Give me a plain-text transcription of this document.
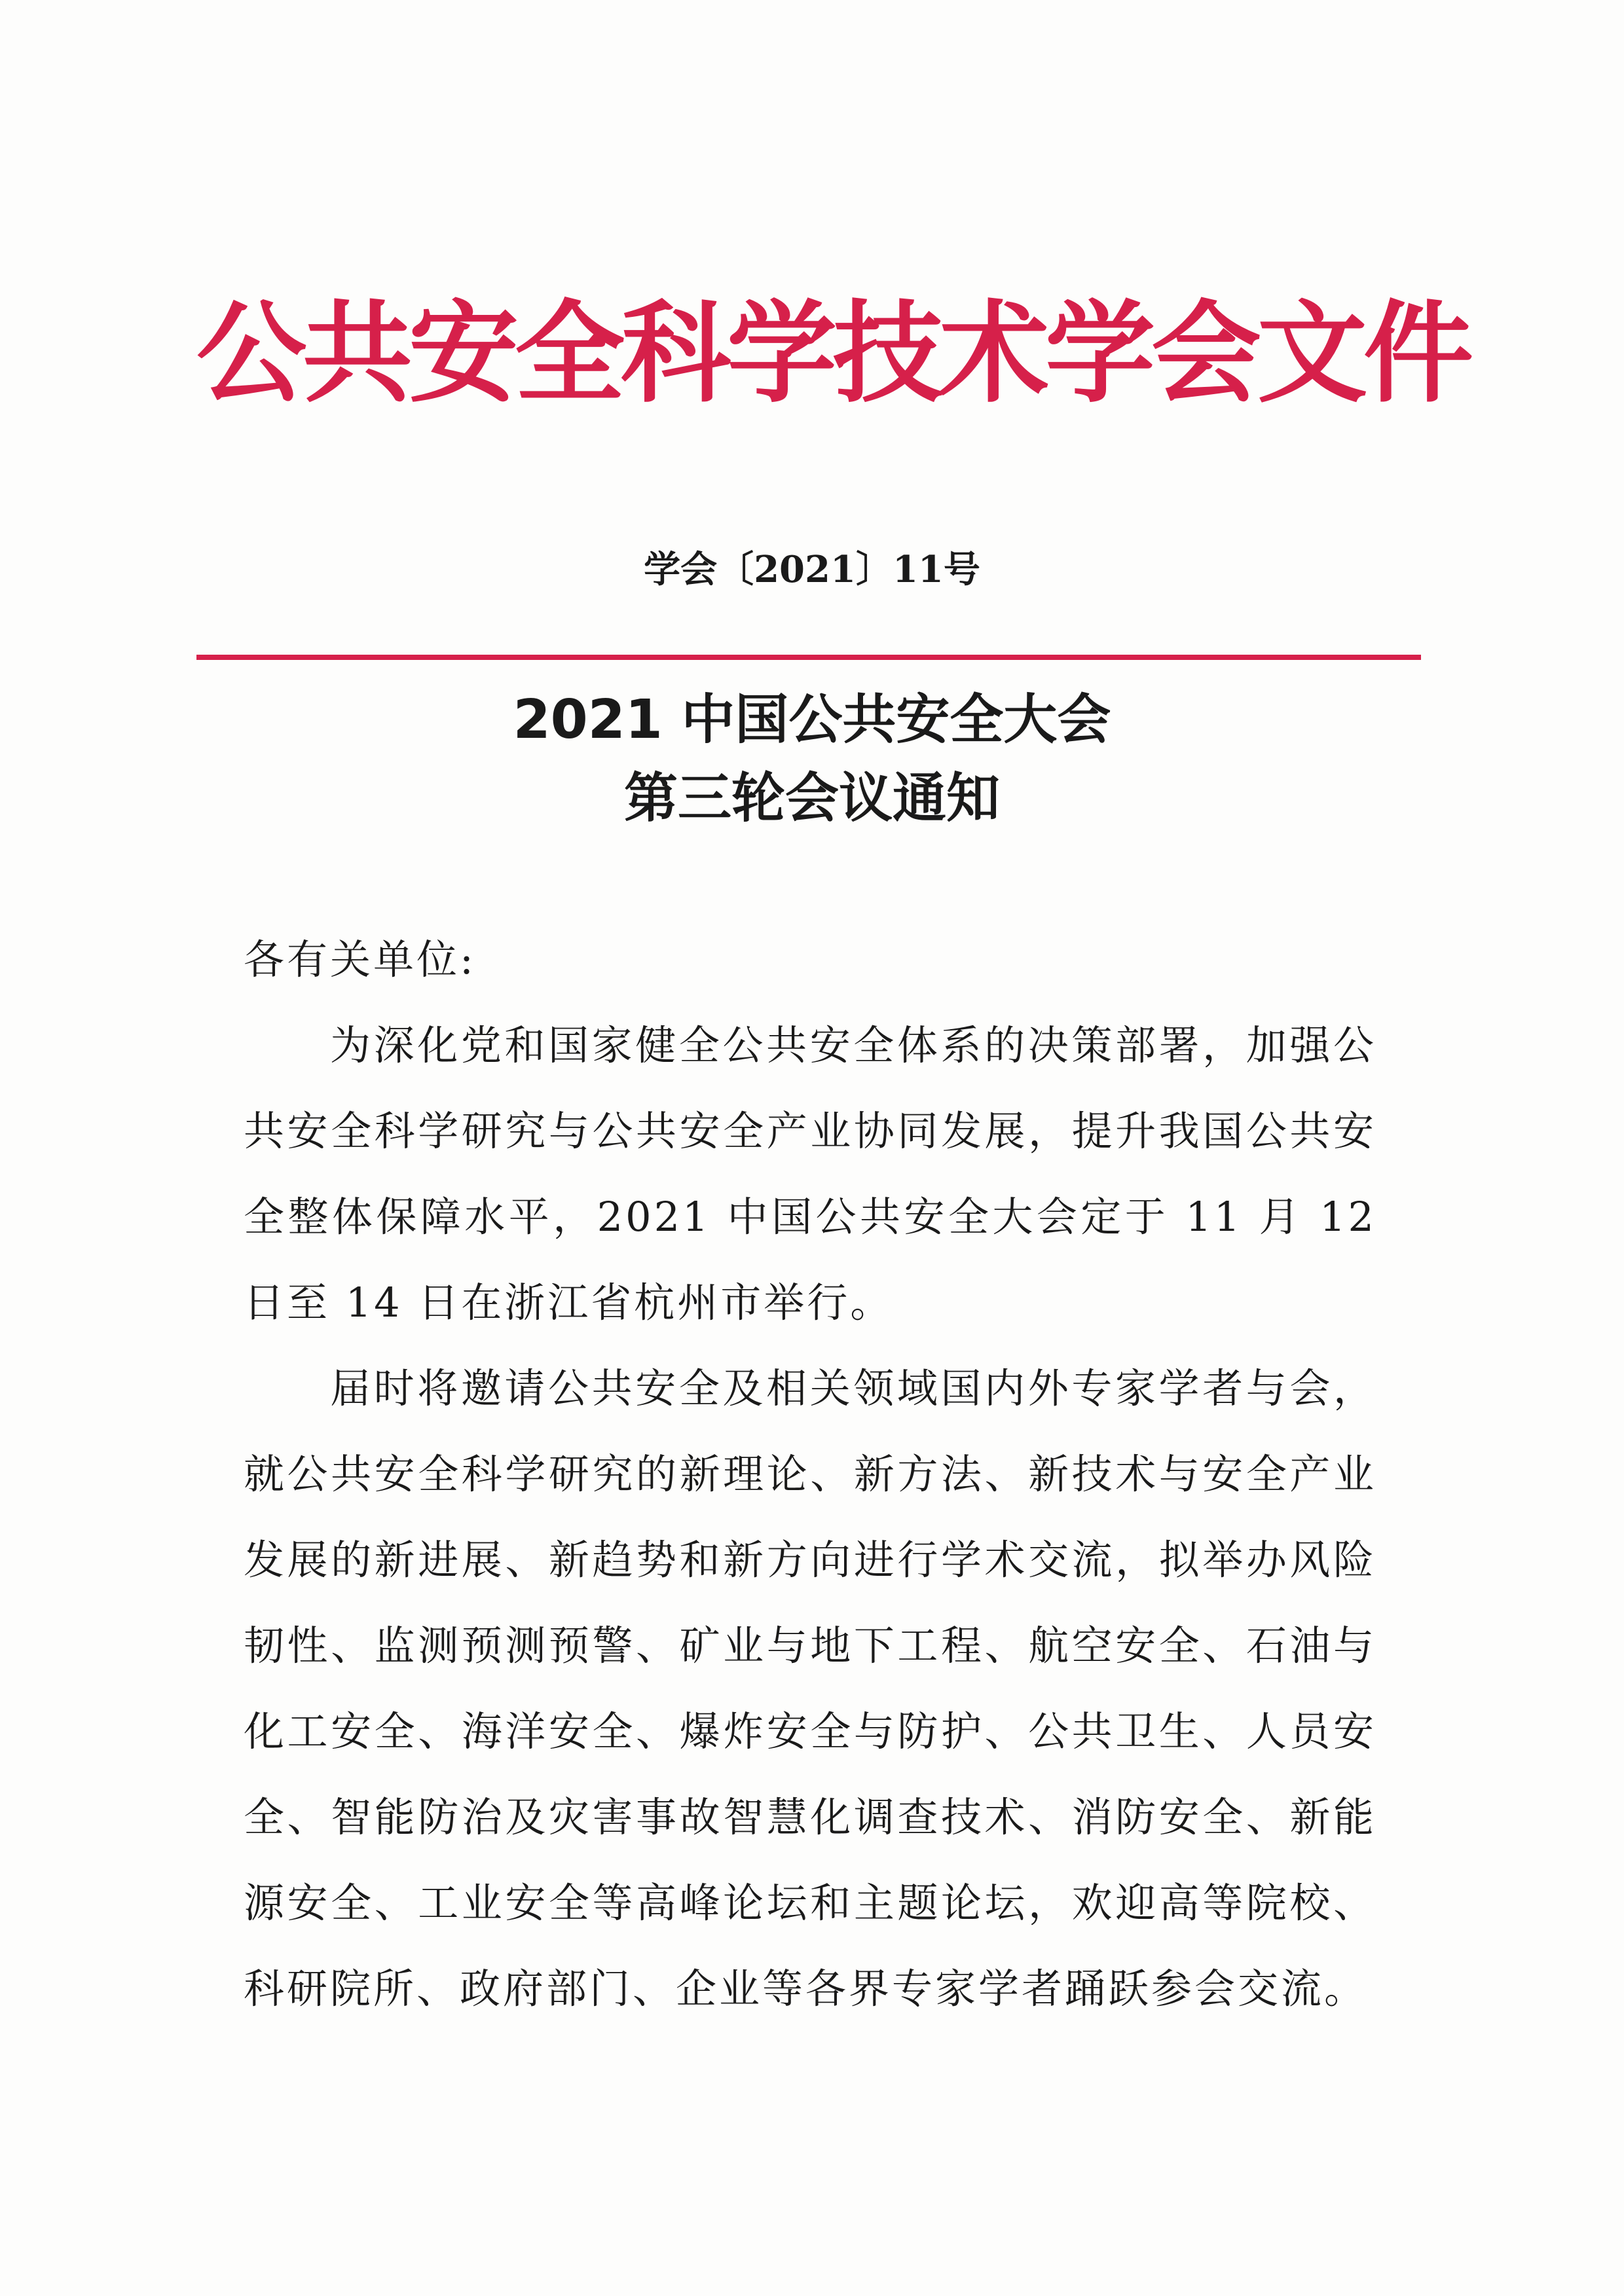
公共安全科学技术学会文件
学会〔2021〕11号
2021 中国公共安全大会
第三轮会议通知

各有关单位:

为深化党和国家健全公共安全体系的决策部署，加强公共安全科学研究与公共安全产业协同发展，提升我国公共安全整体保障水平，2021 中国公共安全大会定于 11 月 12 日至 14 日在浙江省杭州市举行。

届时将邀请公共安全及相关领域国内外专家学者与会，就公共安全科学研究的新理论、新方法、新技术与安全产业发展的新进展、新趋势和新方向进行学术交流，拟举办风险韧性、监测预测预警、矿业与地下工程、航空安全、石油与化工安全、海洋安全、爆炸安全与防护、公共卫生、人员安全、智能防治及灾害事故智慧化调查技术、消防安全、新能源安全、工业安全等高峰论坛和主题论坛，欢迎高等院校、科研院所、政府部门、企业等各界专家学者踊跃参会交流。
